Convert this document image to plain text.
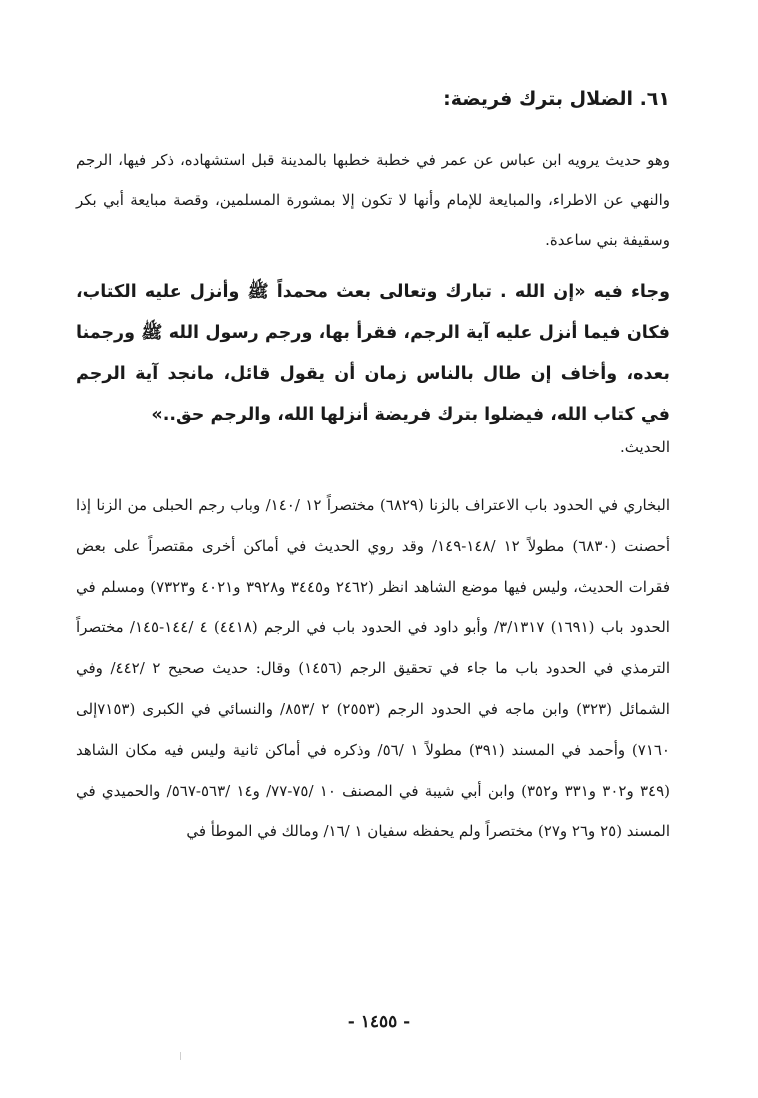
٦١. الضلال بترك فريضة:
وهو حديث يرويه ابن عباس عن عمر في خطبة خطبها بالمدينة قبل استشهاده، ذكر فيها، الرجم والنهي عن الاطراء، والمبايعة للإمام وأنها لا تكون إلا بمشورة المسلمين، وقصة مبايعة أبي بكر وسقيفة بني ساعدة.
وجاء فيه «إن الله . تبارك وتعالى بعث محمداً ﷺ وأنزل عليه الكتاب، فكان فيما أنزل عليه آية الرجم، فقرأ بها، ورجم رسول الله ﷺ ورجمنا بعده، وأخاف إن طال بالناس زمان أن يقول قائل، مانجد آية الرجم في كتاب الله، فيضلوا بترك فريضة أنزلها الله، والرجم حق..»
الحديث.
البخاري في الحدود باب الاعتراف بالزنا (٦٨٢٩) مختصراً ١٢ /١٤٠/ وباب رجم الحبلى من الزنا إذا أحصنت (٦٨٣٠) مطولاً ١٢ /١٤٨-١٤٩/ وقد روي الحديث في أماكن أخرى مقتصراً على بعض فقرات الحديث، وليس فيها موضع الشاهد انظر (٢٤٦٢ و٣٤٤٥ و٣٩٢٨ و٤٠٢١ و٧٣٢٣) ومسلم في الحدود باب (١٦٩١) ٣/١٣١٧/ وأبو داود في الحدود باب في الرجم (٤٤١٨) ٤ /١٤٤-١٤٥/ مختصراً الترمذي في الحدود باب ما جاء في تحقيق الرجم (١٤٥٦) وقال: حديث صحيح ٢ /٤٤٢/ وفي الشمائل (٣٢٣) وابن ماجه في الحدود الرجم (٢٥٥٣) ٢ /٨٥٣/ والنسائي في الكبرى (٧١٥٣إلى ٧١٦٠) وأحمد في المسند (٣٩١) مطولاً ١ /٥٦/ وذكره في أماكن ثانية وليس فيه مكان الشاهد (٣٤٩ و٣٠٢ و٣٣١ و٣٥٢) وابن أبي شيبة في المصنف ١٠ /٧٥-٧٧/ و١٤ /٥٦٣-٥٦٧/ والحميدي في المسند (٢٥ و٢٦ و٢٧) مختصراً ولم يحفظه سفيان ١ /١٦/ ومالك في الموطأ في
- ١٤٥٥ -
